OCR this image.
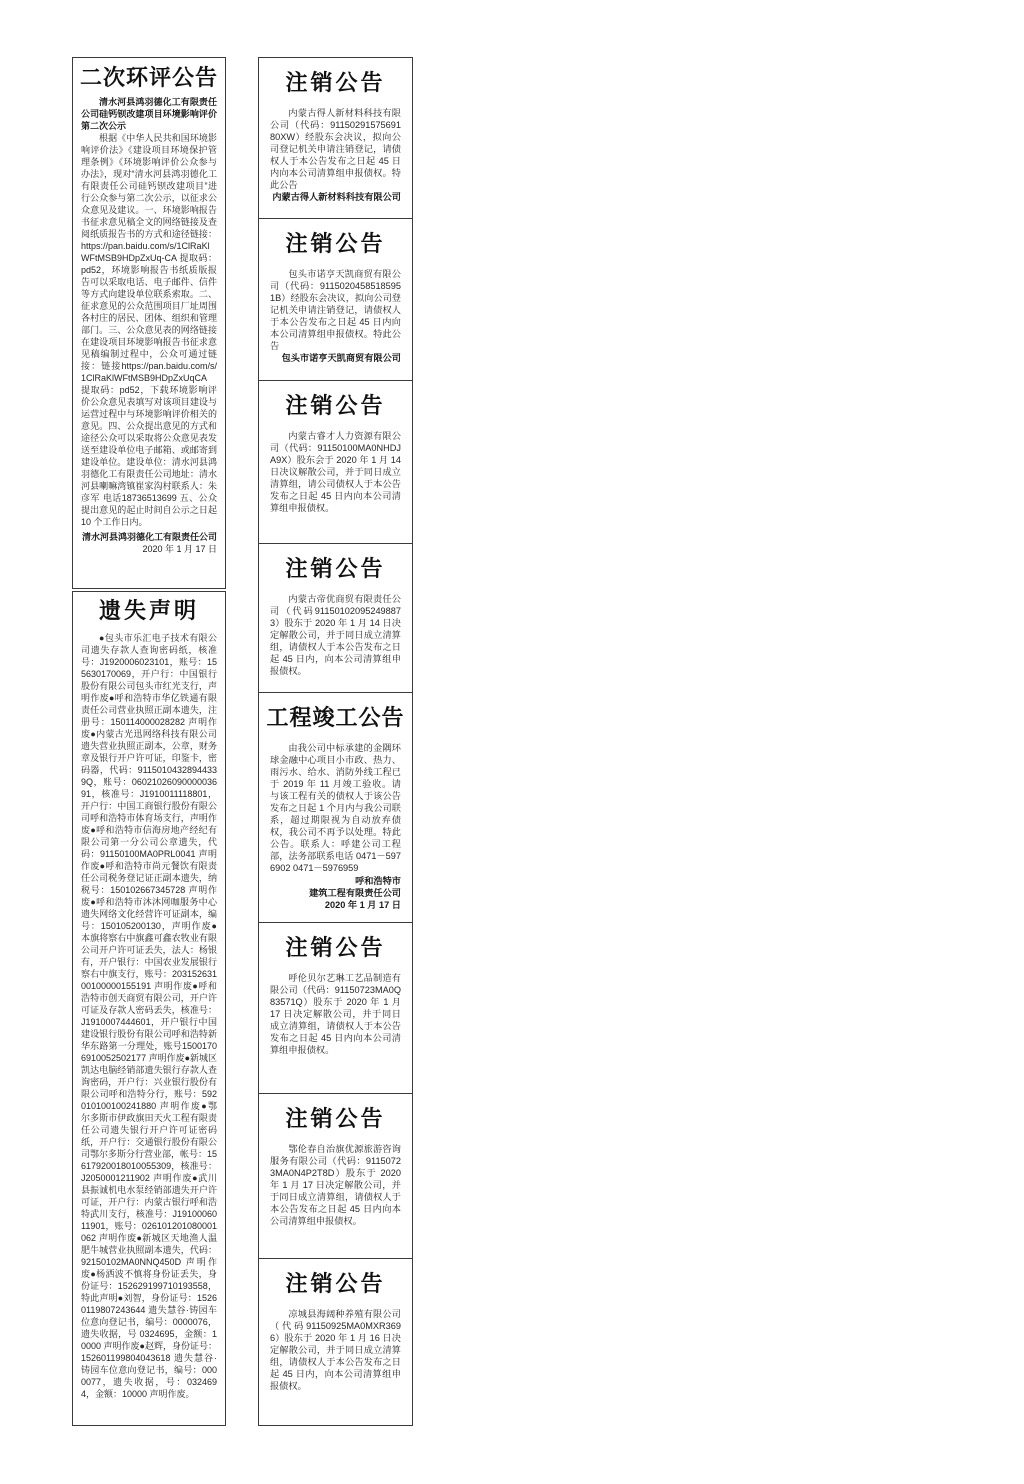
二次环评公告
清水河县鸿羽德化工有限责任公司硅钙钡改建项目环境影响评价第二次公示
根据《中华人民共和国环境影响评价法》《建设项目环境保护管理条例》《环境影响评价公众参与办法》，现对“清水河县鸿羽德化工有限责任公司硅钙钡改建项目”进行公众参与第二次公示，以征求公众意见及建议。一、环境影响报告书征求意见稿全文的网络链接及查阅纸质报告书的方式和途径链接：https://pan.baidu.com/s/1ClRaKlWFtMSB9HDpZxUq-CA 提取码：pd52，环境影响报告书纸质版报告可以采取电话、电子邮件、信件等方式向建设单位联系索取。二、征求意见的公众范围项目厂址周围各村庄的居民、团体、组织和管理部门。三、公众意见表的网络链接在建设项目环境影响报告书征求意见稿编制过程中，公众可通过链接：链接https://pan.baidu.com/s/1ClRaKlWFtMSB9HDpZxUqCA 提取码：pd52，下载环境影响评价公众意见表填写对该项目建设与运营过程中与环境影响评价相关的意见。四、公众提出意见的方式和途径公众可以采取将公众意见表发送至建设单位电子邮箱、或邮寄到建设单位。建设单位：清水河县鸿羽德化工有限责任公司地址：清水河县喇嘛湾镇崔家沟村联系人：朱彦军 电话18736513699 五、公众提出意见的起止时间自公示之日起 10 个工作日内。
清水河县鸿羽德化工有限责任公司
2020 年 1 月 17 日
遗失声明
●包头市乐汇电子技术有限公司遗失存款人查询密码纸，核准号：J1920006023101，账号：155630170069，开户行：中国银行股份有限公司包头市红光支行，声明作废●呼和浩特市华亿铁通有限责任公司营业执照正副本遗失，注册号：150114000028282 声明作废●内蒙古光迅网络科技有限公司遗失营业执照正副本，公章，财务章及银行开户许可证，印鉴卡，密码器，代码：91150104328944339Q，账号：0602102609000003691，核准号：J1910011118801，开户行：中国工商银行股份有限公司呼和浩特市体育场支行，声明作废●呼和浩特市信海房地产经纪有限公司第一分公司公章遗失，代码：91150100MA0PRL0041 声明作废●呼和浩特市尚元餐饮有限责任公司税务登记证正副本遗失，纳税号：150102667345728 声明作废●呼和浩特市沐沐网咖服务中心遗失网络文化经营许可证副本，编号：150105200130，声明作废●本旗将察右中旗鑫可鑫农牧业有限公司开户许可证丢失，法人：杨银有，开户银行：中国农业发展银行察右中旗支行，账号：20315263100100000155191 声明作废●呼和浩特市创天商贸有限公司，开户许可证及存款人密码丢失，核准号：J1910007444601，开户银行中国建设银行股份有限公司呼和浩特新华东路第一分理处，账号15001706910052502177 声明作废●新城区凯达电脑经销部遗失银行存款人查询密码，开户行：兴业银行股份有限公司呼和浩特分行，账号：592010100100241880 声明作废●鄂尔多斯市伊政旗田天火工程有限责任公司遗失银行开户许可证密码纸，开户行：交通银行股份有限公司鄂尔多斯分行营业部，帐号：15617920018010055309，核准号：J2050001211902 声明作废●武川县振诚机电水泵经销部遗失开户许可证，开户行：内蒙古银行呼和浩特武川支行，核准号：J1910006011901，账号：026101201080001062 声明作废●新城区天地渔人温肥牛城营业执照副本遗失，代码：92150102MA0NNQ450D 声明作废●杨洒波不慎将身份证丢失，身份证号：152629199710193558，特此声明●刘智，身份证号：15260119807243644 遗失慧谷·铸园车位意向登记书，编号：0000076，遗失收据，号 0324695，金额：10000 声明作废●赵辉，身份证号：152601199804043618 遗失慧谷·铸园车位意向登记书，编号：0000077，遗失收据，号：0324694，金额：10000 声明作废。
注销公告
内蒙古得人新材料科技有限公司（代码：9115029157569180XW）经股东会决议，拟向公司登记机关申请注销登记，请债权人于本公告发布之日起 45 日内向本公司清算组申报债权。特此公告
内蒙古得人新材料科技有限公司
注销公告
包头市诺亨天凯商贸有限公司（代码：91150204585185951B）经股东会决议，拟向公司登记机关申请注销登记，请债权人于本公告发布之日起 45 日内向本公司清算组申报债权。特此公告
包头市诺亨天凯商贸有限公司
注销公告
内蒙古睿才人力资源有限公司（代码：91150100MA0NHDJA9X）股东会于 2020 年 1 月 14 日决议解散公司，并于同日成立清算组，请公司债权人于本公告发布之日起 45 日内向本公司清算组申报债权。
注销公告
内蒙古帝优商贸有限责任公司（代码911501020952498873）股东于 2020 年 1 月 14 日决定解散公司，并于同日成立清算组，请债权人于本公告发布之日起 45 日内，向本公司清算组申报债权。
工程竣工公告
由我公司中标承建的金隅环球金融中心项目小市政、热力、雨污水、给水、消防外线工程已于 2019 年 11 月竣工验收。请与该工程有关的债权人于该公告发布之日起 1 个月内与我公司联系，超过期限视为自动放弃债权，我公司不再予以处理。特此公告。联系人：呼建公司工程部，法务部联系电话 0471－5976902 0471－5976959
呼和浩特市
建筑工程有限责任公司
2020 年 1 月 17 日
注销公告
呼伦贝尔艺琳工艺品制造有限公司（代码：91150723MA0Q83571Q）股东于 2020 年 1 月 17 日决定解散公司，并于同日成立清算组，请债权人于本公告发布之日起 45 日内向本公司清算组申报债权。
注销公告
鄂伦春自治旗优源旅游咨询服务有限公司（代码：91150723MA0N4P2T8D）股东于 2020 年 1 月 17 日决定解散公司，并于同日成立清算组，请债权人于本公告发布之日起 45 日内向本公司清算组申报债权。
注销公告
凉城县海阔种养殖有限公司（代码91150925MA0MXR3696）股东于 2020 年 1 月 16 日决定解散公司，并于同日成立清算组，请债权人于本公告发布之日起 45 日内，向本公司清算组申报债权。
